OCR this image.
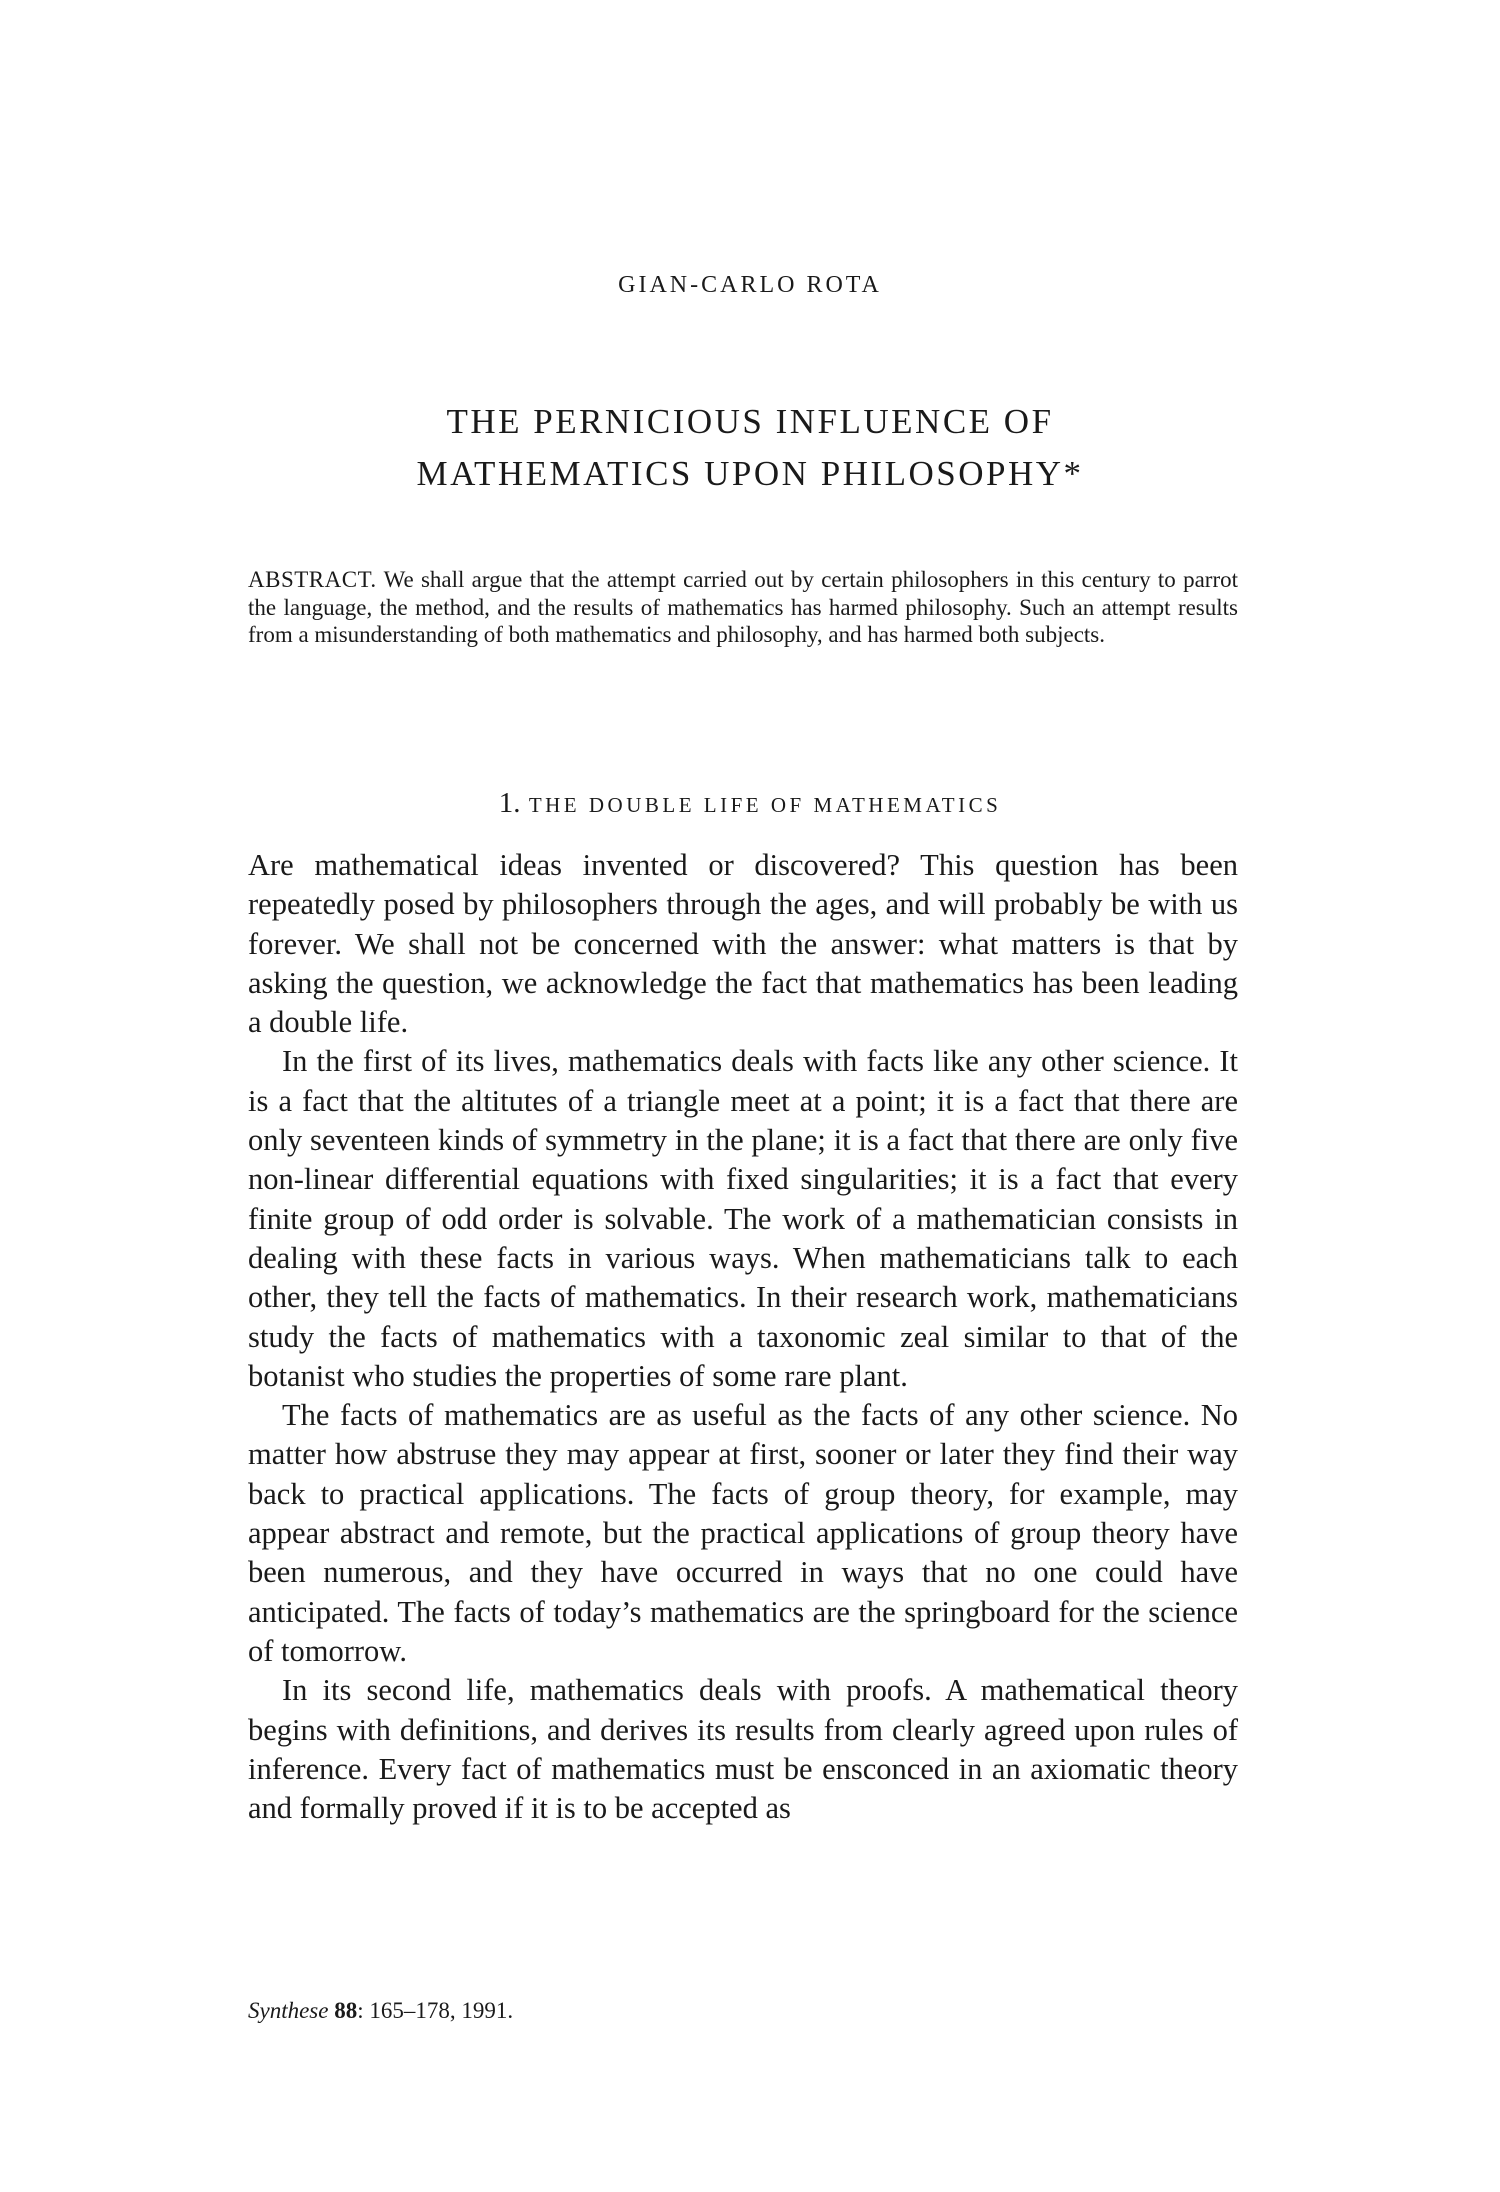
GIAN-CARLO ROTA
THE PERNICIOUS INFLUENCE OF
MATHEMATICS UPON PHILOSOPHY*
ABSTRACT. We shall argue that the attempt carried out by certain philosophers in this century to parrot the language, the method, and the results of mathematics has harmed philosophy. Such an attempt results from a misunderstanding of both mathematics and philosophy, and has harmed both subjects.
1. THE DOUBLE LIFE OF MATHEMATICS

Are mathematical ideas invented or discovered? This question has been repeatedly posed by philosophers through the ages, and will probably be with us forever. We shall not be concerned with the answer: what matters is that by asking the question, we acknowledge the fact that mathematics has been leading a double life.

In the first of its lives, mathematics deals with facts like any other science. It is a fact that the altitutes of a triangle meet at a point; it is a fact that there are only seventeen kinds of symmetry in the plane; it is a fact that there are only five non-linear differential equations with fixed singularities; it is a fact that every finite group of odd order is solvable. The work of a mathematician consists in dealing with these facts in various ways. When mathematicians talk to each other, they tell the facts of mathematics. In their research work, mathematicians study the facts of mathematics with a taxonomic zeal similar to that of the botanist who studies the properties of some rare plant.

The facts of mathematics are as useful as the facts of any other science. No matter how abstruse they may appear at first, sooner or later they find their way back to practical applications. The facts of group theory, for example, may appear abstract and remote, but the practical applications of group theory have been numerous, and they have occurred in ways that no one could have anticipated. The facts of today’s mathematics are the springboard for the science of tomorrow.

In its second life, mathematics deals with proofs. A mathematical theory begins with definitions, and derives its results from clearly agreed upon rules of inference. Every fact of mathematics must be ensconced in an axiomatic theory and formally proved if it is to be accepted as

Synthese 88: 165–178, 1991.
